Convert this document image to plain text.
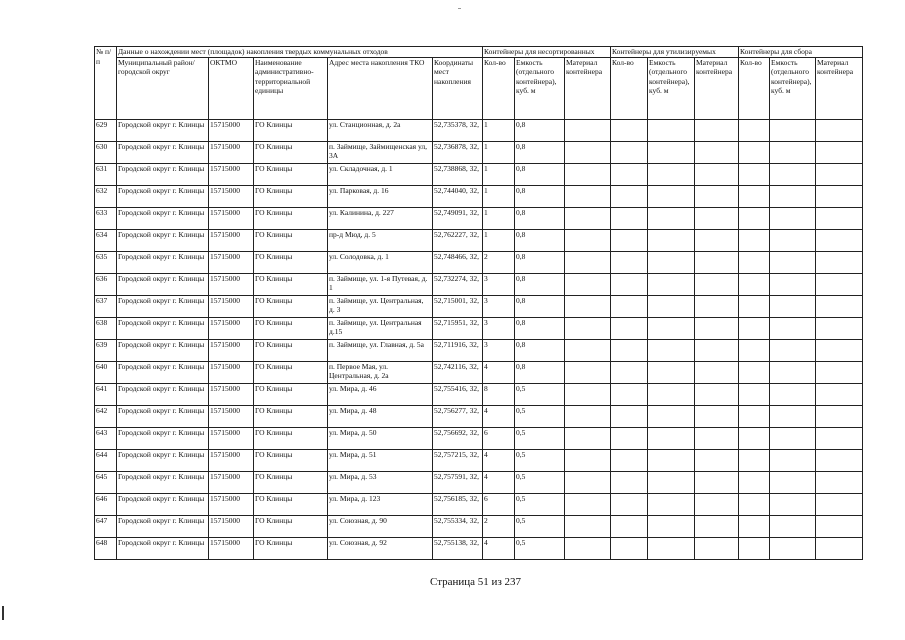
№ п/п	Данные о нахождении мест (площадок) накопления твердых коммунальных отходов					Контейнеры для несортированных			Контейнеры для утилизируемых			Контейнеры для сбора		
	Муниципальный район/городской округ	ОКТМО	Наименование административно-территориальной единицы	Адрес места накопления ТКО	Координаты мест накопления	Кол-во	Емкость (отдельного контейнера), куб. м	Материал контейнера	Кол-во	Емкость (отдельного контейнера), куб. м	Материал контейнера	Кол-во	Емкость (отдельного контейнера), куб. м	Материал контейнера
629	Городской округ г. Клинцы	15715000	ГО Клинцы	ул. Станционная, д. 2а	52,735378, 32,	1	0,8							
630	Городской округ г. Клинцы	15715000	ГО Клинцы	п. Займище, Займищенская ул, 3А	52,736878, 32,	1	0,8							
631	Городской округ г. Клинцы	15715000	ГО Клинцы	ул. Складочная, д. 1	52,738868, 32,	1	0,8							
632	Городской округ г. Клинцы	15715000	ГО Клинцы	ул. Парковая, д. 16	52,744040, 32,	1	0,8							
633	Городской округ г. Клинцы	15715000	ГО Клинцы	ул. Калинина, д. 227	52,749091, 32,	1	0,8							
634	Городской округ г. Клинцы	15715000	ГО Клинцы	пр-д Мюд, д. 5	52,762227, 32,	1	0,8							
635	Городской округ г. Клинцы	15715000	ГО Клинцы	ул. Солодовка, д. 1	52,748466, 32,	2	0,8							
636	Городской округ г. Клинцы	15715000	ГО Клинцы	п. Займище, ул. 1-я Путевая, д. 1	52,732274, 32,	3	0,8							
637	Городской округ г. Клинцы	15715000	ГО Клинцы	п. Займище, ул. Центральная, д. 3	52,715001, 32,	3	0,8							
638	Городской округ г. Клинцы	15715000	ГО Клинцы	п. Займище, ул. Центральная д.15	52,715951, 32,	3	0,8							
639	Городской округ г. Клинцы	15715000	ГО Клинцы	п. Займище, ул. Главная, д. 5а	52,711916, 32,	3	0,8							
640	Городской округ г. Клинцы	15715000	ГО Клинцы	п. Первое Мая, ул. Центральная, д. 2а	52,742116, 32,	4	0,8							
641	Городской округ г. Клинцы	15715000	ГО Клинцы	ул. Мира, д. 46	52,755416, 32,	8	0,5							
642	Городской округ г. Клинцы	15715000	ГО Клинцы	ул. Мира, д. 48	52,756277, 32,	4	0,5							
643	Городской округ г. Клинцы	15715000	ГО Клинцы	ул. Мира, д. 50	52,756692, 32,	6	0,5							
644	Городской округ г. Клинцы	15715000	ГО Клинцы	ул. Мира, д. 51	52,757215, 32,	4	0,5							
645	Городской округ г. Клинцы	15715000	ГО Клинцы	ул. Мира, д. 53	52,757591, 32,	4	0,5							
646	Городской округ г. Клинцы	15715000	ГО Клинцы	ул. Мира, д. 123	52,756185, 32,	6	0,5							
647	Городской округ г. Клинцы	15715000	ГО Клинцы	ул. Союзная, д. 90	52,755334, 32,	2	0,5							
648	Городской округ г. Клинцы	15715000	ГО Клинцы	ул. Союзная, д. 92	52,755138, 32,	4	0,5							
Страница 51 из 237
